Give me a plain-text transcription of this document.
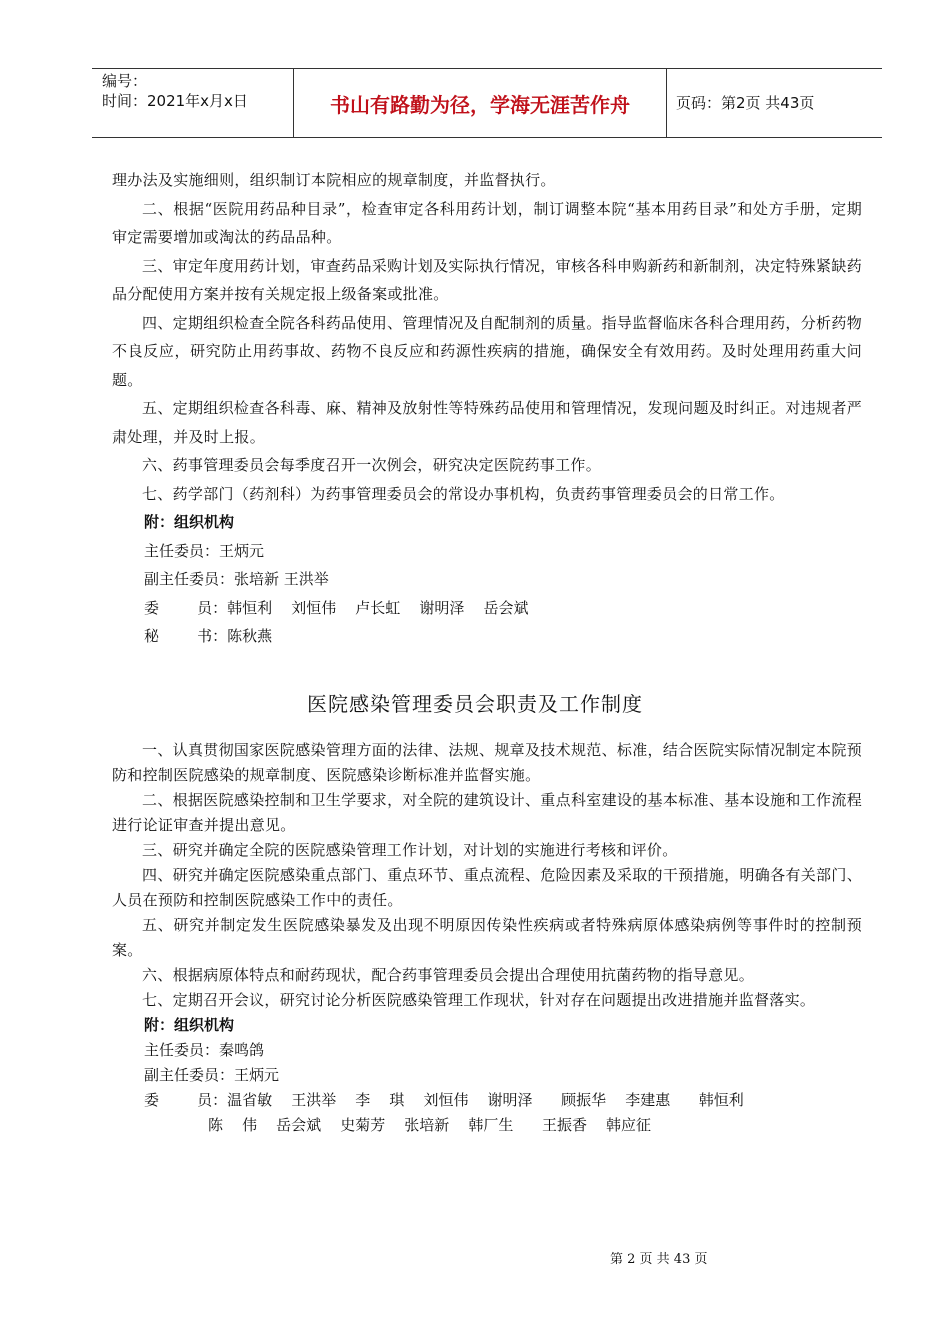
编号：
时间：2021年x月x日	书山有路勤为径，学海无涯苦作舟	页码：第2页 共43页

理办法及实施细则，组织制订本院相应的规章制度，并监督执行。

二、根据“医院用药品种目录”，检查审定各科用药计划，制订调整本院“基本用药目录”和处方手册，定期审定需要增加或淘汰的药品品种。

三、审定年度用药计划，审查药品采购计划及实际执行情况，审核各科申购新药和新制剂，决定特殊紧缺药品分配使用方案并按有关规定报上级备案或批准。

四、定期组织检查全院各科药品使用、管理情况及自配制剂的质量。指导监督临床各科合理用药，分析药物不良反应，研究防止用药事故、药物不良反应和药源性疾病的措施，确保安全有效用药。及时处理用药重大问题。

五、定期组织检查各科毒、麻、精神及放射性等特殊药品使用和管理情况，发现问题及时纠正。对违规者严肃处理，并及时上报。

六、药事管理委员会每季度召开一次例会，研究决定医院药事工作。

七、药学部门（药剂科）为药事管理委员会的常设办事机构，负责药事管理委员会的日常工作。

附：组织机构

主任委员：王炳元

副主任委员：张培新 王洪举

委        员：韩恒利    刘恒伟    卢长虹    谢明泽    岳会斌

秘        书：陈秋燕

医院感染管理委员会职责及工作制度

一、认真贯彻国家医院感染管理方面的法律、法规、规章及技术规范、标准，结合医院实际情况制定本院预防和控制医院感染的规章制度、医院感染诊断标准并监督实施。

二、根据医院感染控制和卫生学要求，对全院的建筑设计、重点科室建设的基本标准、基本设施和工作流程进行论证审查并提出意见。

三、研究并确定全院的医院感染管理工作计划，对计划的实施进行考核和评价。

四、研究并确定医院感染重点部门、重点环节、重点流程、危险因素及采取的干预措施，明确各有关部门、人员在预防和控制医院感染工作中的责任。

五、研究并制定发生医院感染暴发及出现不明原因传染性疾病或者特殊病原体感染病例等事件时的控制预案。

六、根据病原体特点和耐药现状，配合药事管理委员会提出合理使用抗菌药物的指导意见。

七、定期召开会议，研究讨论分析医院感染管理工作现状，针对存在问题提出改进措施并监督落实。

附：组织机构

主任委员：秦鸣鸽

副主任委员：王炳元

委        员：温省敏    王洪举    李    琪    刘恒伟    谢明泽      顾振华    李建惠      韩恒利

陈    伟    岳会斌    史菊芳    张培新    韩厂生      王振香    韩应征

第 2 页 共 43 页
